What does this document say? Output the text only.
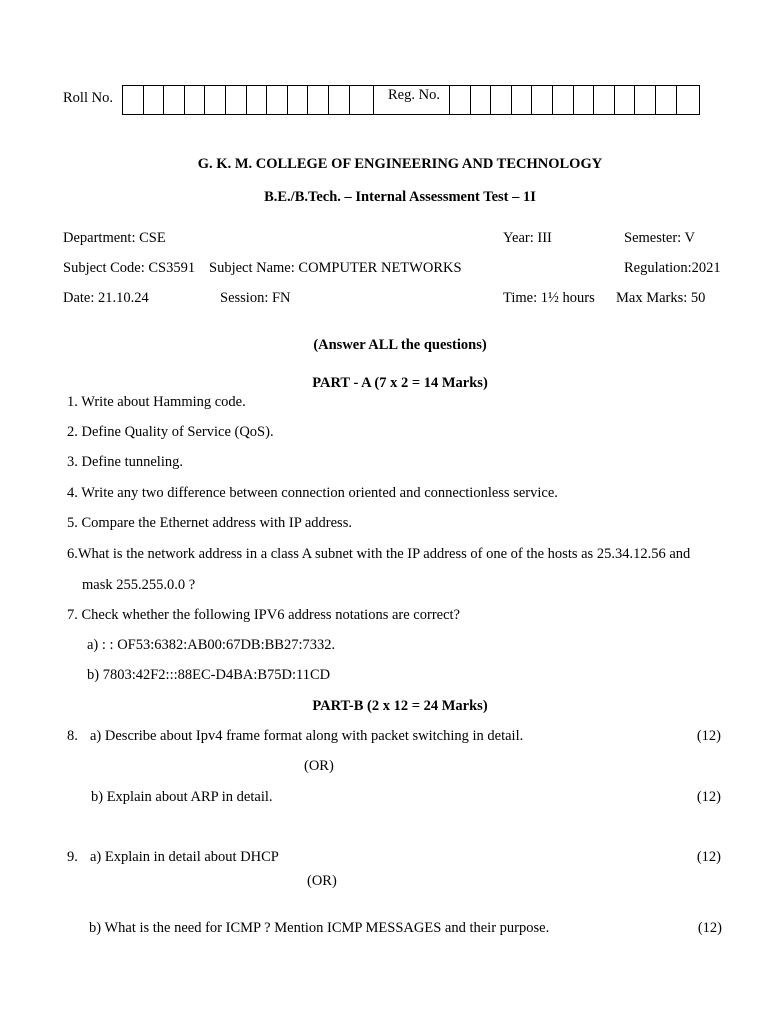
Roll No.	Reg. No.
G. K. M. COLLEGE OF ENGINEERING AND TECHNOLOGY
B.E./B.Tech. – Internal Assessment Test – 1I
Department: CSE	Year: III	Semester: V
Subject Code: CS3591 Subject Name: COMPUTER NETWORKS	Regulation:2021
Date: 21.10.24	Session: FN	Time: 1½ hours Max Marks: 50
(Answer ALL the questions)
PART - A (7 x 2 = 14 Marks)
1. Write about Hamming code.
2. Define Quality of Service (QoS).
3. Define tunneling.
4. Write any two difference between connection oriented and connectionless service.
5. Compare the Ethernet address with IP address.
6.What is the network address in a class A subnet with the IP address of one of the hosts as 25.34.12.56 and
mask 255.255.0.0 ?
7. Check whether the following IPV6 address notations are correct?
a) : : OF53:6382:AB00:67DB:BB27:7332.
b) 7803:42F2:::88EC-D4BA:B75D:11CD
PART-B (2 x 12 = 24 Marks)
8. a) Describe about Ipv4 frame format along with packet switching in detail.	(12)
(OR)
b) Explain about ARP in detail.	(12)
9. a) Explain in detail about DHCP	(12)
(OR)
b) What is the need for ICMP ? Mention ICMP MESSAGES and their purpose.	(12)
